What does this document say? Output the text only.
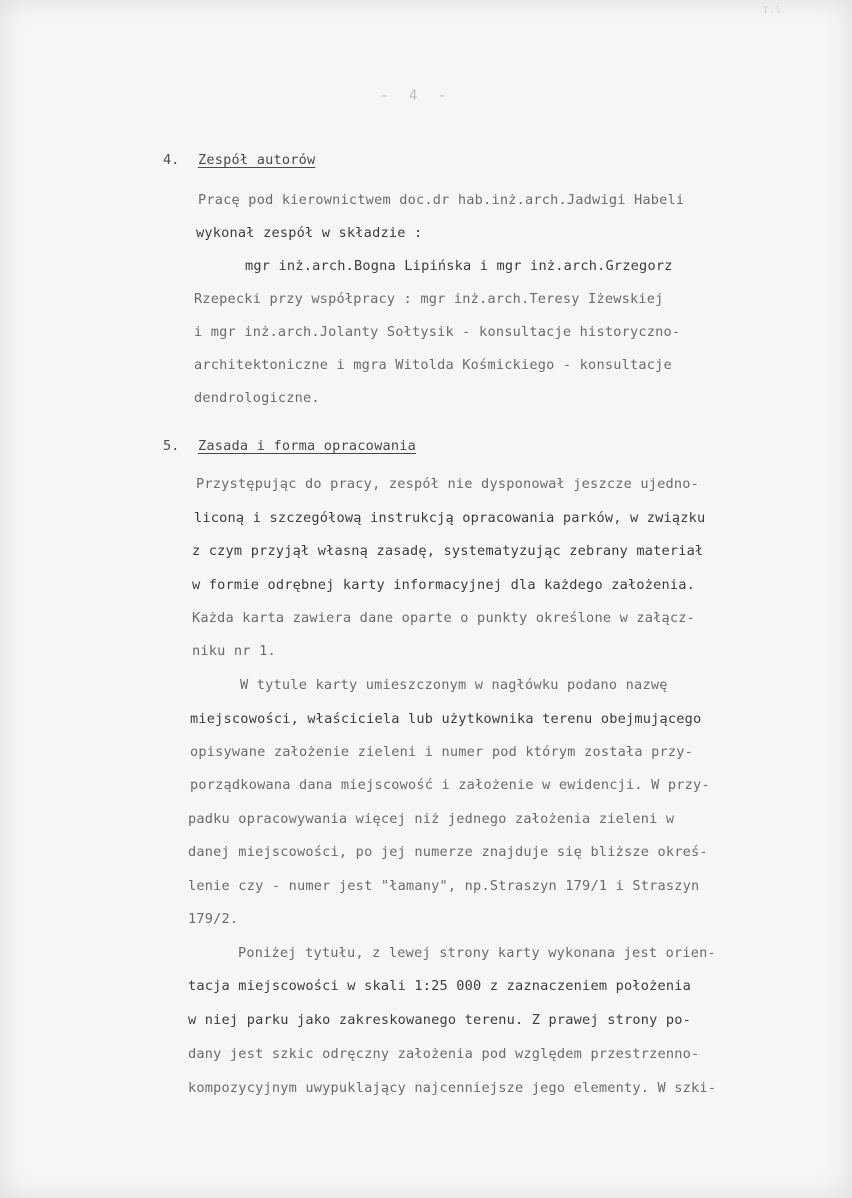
T.l
- 4 -
4. Zespół autorów
Pracę pod kierownictwem doc.dr hab.inż.arch.Jadwigi Habeli
wykonał zespół w składzie :
mgr inż.arch.Bogna Lipińska i mgr inż.arch.Grzegorz
Rzepecki przy współpracy : mgr inż.arch.Teresy Iżewskiej
i mgr inż.arch.Jolanty Sołtysik - konsultacje historyczno-
architektoniczne i mgra Witolda Kośmickiego - konsultacje
dendrologiczne.
5. Zasada i forma opracowania
Przystępując do pracy, zespół nie dysponował jeszcze ujedno-
liconą i szczegółową instrukcją opracowania parków, w związku
z czym przyjął własną zasadę, systematyzując zebrany materiał
w formie odrębnej karty informacyjnej dla każdego założenia.
Każda karta zawiera dane oparte o punkty określone w załącz-
niku nr 1.
W tytule karty umieszczonym w nagłówku podano nazwę
miejscowości, właściciela lub użytkownika terenu obejmującego
opisywane założenie zieleni i numer pod którym została przy-
porządkowana dana miejscowość i założenie w ewidencji. W przy-
padku opracowywania więcej niż jednego założenia zieleni w
danej miejscowości, po jej numerze znajduje się bliższe okreś-
lenie czy - numer jest "łamany", np.Straszyn 179/1 i Straszyn
179/2.
Poniżej tytułu, z lewej strony karty wykonana jest orien-
tacja miejscowości w skali 1:25 000 z zaznaczeniem położenia
w niej parku jako zakreskowanego terenu. Z prawej strony po-
dany jest szkic odręczny założenia pod względem przestrzenno-
kompozycyjnym uwypuklający najcenniejsze jego elementy. W szki-
